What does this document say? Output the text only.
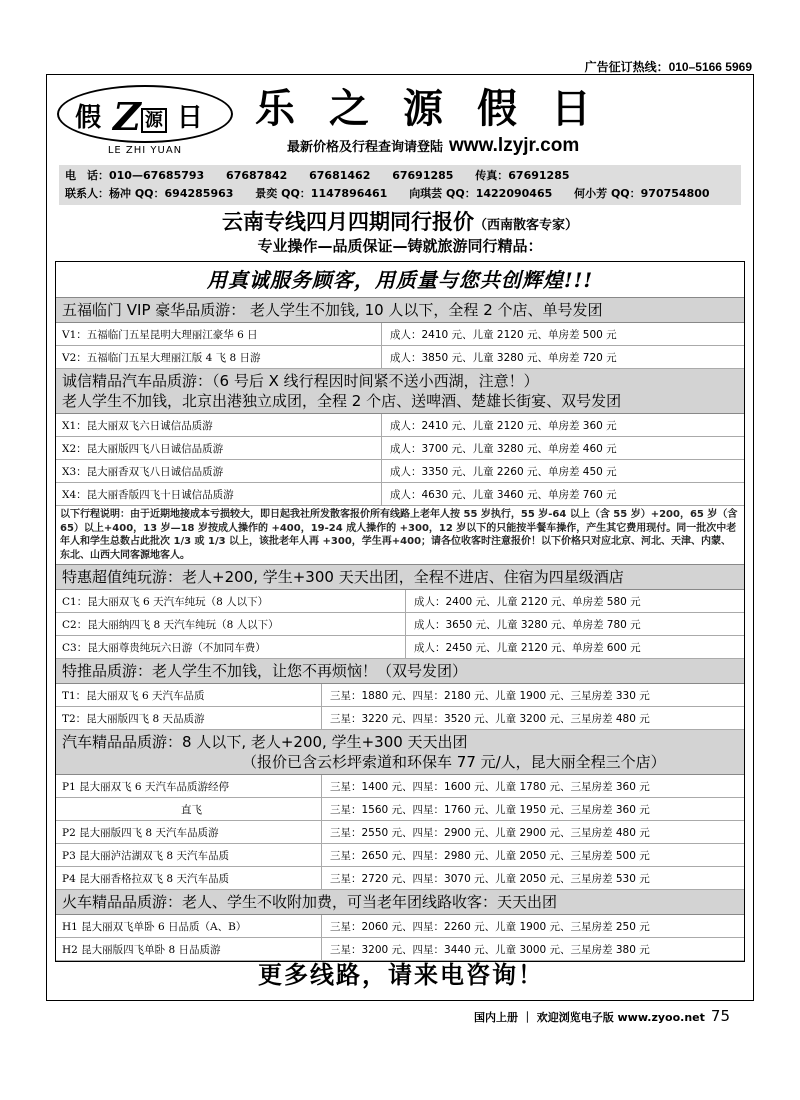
广告征订热线：010–5166 5969
假Z 源 日
LE ZHI YUAN
乐之源假日
最新价格及行程查询请登陆 www.lzyjr.com
电　话：010—67685793 67687842 67681462 67691285 传真：67691285
联系人：杨冲 QQ：694285963 景奕 QQ：1147896461 向琪芸 QQ：1422090465 何小芳 QQ：970754800
云南专线四月四期同行报价（西南散客专家）
专业操作—品质保证—铸就旅游同行精品：
用真诚服务顾客，用质量与您共创辉煌!!!
五福临门 VIP 豪华品质游： 老人学生不加钱, 10 人以下，全程 2 个店、单号发团
V1：五福临门五星昆明大理丽江豪华 6 日	成人：2410 元、儿童 2120 元、单房差 500 元
V2：五福临门五星大理丽江版 4 飞 8 日游	成人：3850 元、儿童 3280 元、单房差 720 元
诚信精品汽车品质游：（6 号后 X 线行程因时间紧不送小西湖，注意！）
老人学生不加钱，北京出港独立成团，全程 2 个店、送啤酒、楚雄长街宴、双号发团
X1：昆大丽双飞六日诚信品质游	成人：2410 元、儿童 2120 元、单房差 360 元
X2：昆大丽版四飞八日诚信品质游	成人：3700 元、儿童 3280 元、单房差 460 元
X3：昆大丽香双飞八日诚信品质游	成人：3350 元、儿童 2260 元、单房差 450 元
X4：昆大丽香版四飞十日诚信品质游	成人：4630 元、儿童 3460 元、单房差 760 元
以下行程说明：由于近期地接成本亏损较大，即日起我社所发散客报价所有线路上老年人按 55 岁执行，55 岁-64 以上（含 55 岁）+200，65 岁（含 65）以上+400，13 岁—18 岁按成人操作的 +400，19-24 成人操作的 +300，12 岁以下的只能按半餐车操作，产生其它费用现付。同一批次中老年人和学生总数占此批次 1/3 或 1/3 以上，该批老年人再 +300，学生再+400；请各位收客时注意报价！以下价格只对应北京、河北、天津、内蒙、东北、山西大同客源地客人。
特惠超值纯玩游：老人+200, 学生+300 天天出团，全程不进店、住宿为四星级酒店
C1：昆大丽双飞 6 天汽车纯玩（8 人以下）	成人：2400 元、儿童 2120 元、单房差 580 元
C2：昆大丽纳四飞 8 天汽车纯玩（8 人以下）	成人：3650 元、儿童 3280 元、单房差 780 元
C3：昆大丽尊贵纯玩六日游（不加同车费）	成人：2450 元、儿童 2120 元、单房差 600 元
特推品质游：老人学生不加钱，让您不再烦恼！（双号发团）
T1：昆大丽双飞 6 天汽车品质	三星：1880 元、四星：2180 元、儿童 1900 元、三星房差 330 元
T2：昆大丽版四飞 8 天品质游	三星：3220 元、四星：3520 元、儿童 3200 元、三星房差 480 元
汽车精品品质游：8 人以下, 老人+200, 学生+300 天天出团
（报价已含云杉坪索道和环保车 77 元/人，昆大丽全程三个店）
P1 昆大丽双飞 6 天汽车品质游经停	三星：1400 元、四星：1600 元、儿童 1780 元、三星房差 360 元
直飞	三星：1560 元、四星：1760 元、儿童 1950 元、三星房差 360 元
P2 昆大丽版四飞 8 天汽车品质游	三星：2550 元、四星：2900 元、儿童 2900 元、三星房差 480 元
P3 昆大丽泸沽湖双飞 8 天汽车品质	三星：2650 元、四星：2980 元、儿童 2050 元、三星房差 500 元
P4 昆大丽香格拉双飞 8 天汽车品质	三星：2720 元、四星：3070 元、儿童 2050 元、三星房差 530 元
火车精品品质游：老人、学生不收附加费，可当老年团线路收客：天天出团
H1 昆大丽双飞单卧 6 日品质（A、B）	三星：2060 元、四星：2260 元、儿童 1900 元、三星房差 250 元
H2 昆大丽版四飞单卧 8 日品质游	三星：3200 元、四星：3440 元、儿童 3000 元、三星房差 380 元
更多线路，请来电咨询！
国内上册 ｜ 欢迎浏览电子版 www.zyoo.net 75
